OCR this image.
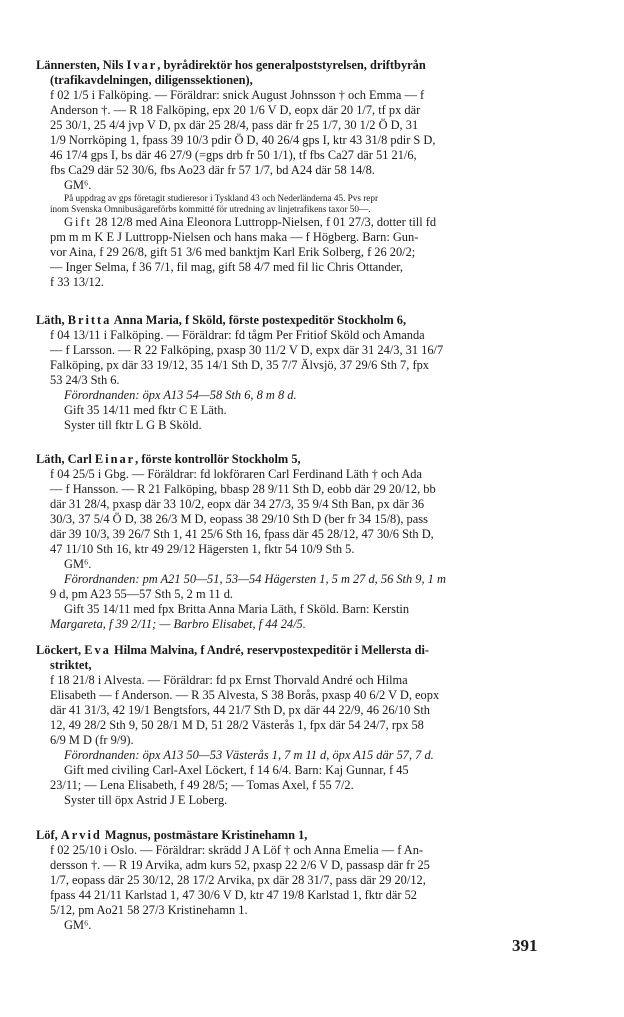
Lännersten, Nils Ivar, byrådirektör hos generalpoststyrelsen, driftbyrån
(trafikavdelningen, diligenssektionen),

f 02 1/5 i Falköping. — Föräldrar: snick August Johnsson † och Emma — f
Anderson †. — R 18 Falköping, epx 20 1/6 V D, eopx där 20 1/7, tf px där
25 30/1, 25 4/4 jvp V D, px där 25 28/4, pass där fr 25 1/7, 30 1/2 Ö D, 31
1/9 Norrköping 1, fpass 39 10/3 pdir Ö D, 40 26/4 gps I, ktr 43 31/8 pdir S D,
46 17/4 gps I, bs där 46 27/9 (=gps drb fr 50 1/1), tf fbs Ca27 där 51 21/6,
fbs Ca29 där 52 30/6, fbs Ao23 där fr 57 1/7, bd A24 där 58 14/8.
GM⁶.
På uppdrag av gps företagit studieresor i Tyskland 43 och Nederländerna 45. Pvs repr
inom Svenska Omnibusägareförbs kommitté för utredning av linjetrafikens taxor 50—.
Gift 28 12/8 med Aina Eleonora Luttropp-Nielsen, f 01 27/3, dotter till fd
pm m m K E J Luttropp-Nielsen och hans maka — f Högberg. Barn: Gun-
vor Aina, f 29 26/8, gift 51 3/6 med banktjm Karl Erik Solberg, f 26 20/2;
— Inger Selma, f 36 7/1, fil mag, gift 58 4/7 med fil lic Chris Ottander,
f 33 13/12.

Läth, Britta Anna Maria, f Sköld, förste postexpeditör Stockholm 6,

f 04 13/11 i Falköping. — Föräldrar: fd tågm Per Fritiof Sköld och Amanda
— f Larsson. — R 22 Falköping, pxasp 30 11/2 V D, expx där 31 24/3, 31 16/7
Falköping, px där 33 19/12, 35 14/1 Sth D, 35 7/7 Älvsjö, 37 29/6 Sth 7, fpx
53 24/3 Sth 6.
Förordnanden: öpx A13 54—58 Sth 6, 8 m 8 d.
Gift 35 14/11 med fktr C E Läth.
Syster till fktr L G B Sköld.

Läth, Carl Einar, förste kontrollör Stockholm 5,

f 04 25/5 i Gbg. — Föräldrar: fd lokföraren Carl Ferdinand Läth † och Ada
— f Hansson. — R 21 Falköping, bbasp 28 9/11 Sth D, eobb där 29 20/12, bb
där 31 28/4, pxasp där 33 10/2, eopx där 34 27/3, 35 9/4 Sth Ban, px där 36
30/3, 37 5/4 Ö D, 38 26/3 M D, eopass 38 29/10 Sth D (ber fr 34 15/8), pass
där 39 10/3, 39 26/7 Sth 1, 41 25/6 Sth 16, fpass där 45 28/12, 47 30/6 Sth D,
47 11/10 Sth 16, ktr 49 29/12 Hägersten 1, fktr 54 10/9 Sth 5.
GM⁶.
Förordnanden: pm A21 50—51, 53—54 Hägersten 1, 5 m 27 d, 56 Sth 9, 1 m
9 d, pm A23 55—57 Sth 5, 2 m 11 d.
Gift 35 14/11 med fpx Britta Anna Maria Läth, f Sköld. Barn: Kerstin
Margareta, f 39 2/11; — Barbro Elisabet, f 44 24/5.

Löckert, Eva Hilma Malvina, f André, reservpostexpeditör i Mellersta di-
striktet,

f 18 21/8 i Alvesta. — Föräldrar: fd px Ernst Thorvald André och Hilma
Elisabeth — f Anderson. — R 35 Alvesta, S 38 Borås, pxasp 40 6/2 V D, eopx
där 41 31/3, 42 19/1 Bengtsfors, 44 21/7 Sth D, px där 44 22/9, 46 26/10 Sth
12, 49 28/2 Sth 9, 50 28/1 M D, 51 28/2 Västerås 1, fpx där 54 24/7, rpx 58
6/9 M D (fr 9/9).
Förordnanden: öpx A13 50—53 Västerås 1, 7 m 11 d, öpx A15 där 57, 7 d.
Gift med civiling Carl-Axel Löckert, f 14 6/4. Barn: Kaj Gunnar, f 45
23/11; — Lena Elisabeth, f 49 28/5; — Tomas Axel, f 55 7/2.
Syster till öpx Astrid J E Loberg.

Löf, Arvid Magnus, postmästare Kristinehamn 1,

f 02 25/10 i Oslo. — Föräldrar: skrädd J A Löf † och Anna Emelia — f An-
dersson †. — R 19 Arvika, adm kurs 52, pxasp 22 2/6 V D, passasp där fr 25
1/7, eopass där 25 30/12, 28 17/2 Arvika, px där 28 31/7, pass där 29 20/12,
fpass 44 21/11 Karlstad 1, 47 30/6 V D, ktr 47 19/8 Karlstad 1, fktr där 52
5/12, pm Ao21 58 27/3 Kristinehamn 1.
GM⁶.
391
